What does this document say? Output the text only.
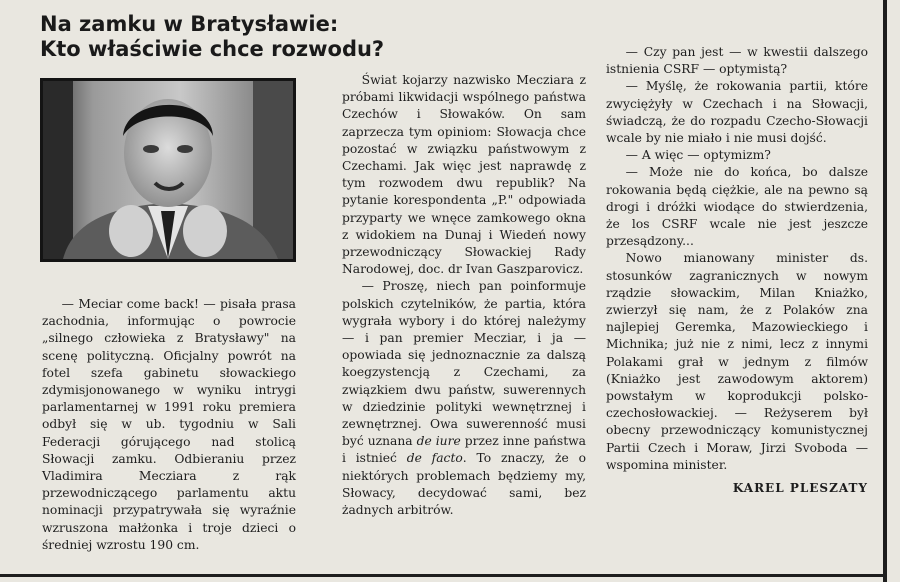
Na zamku w Bratysławie:
Kto właściwie chce rozwodu?

— Meciar come back! — pisała prasa zachodnia, informując o powrocie „silnego człowieka z Bratysławy" na scenę polityczną. Oficjalny powrót na fotel szefa gabinetu słowackiego zdymisjonowanego w wyniku intrygi parlamentarnej w 1991 roku premiera odbył się w ub. tygodniu w Sali Federacji górującego nad stolicą Słowacji zamku. Odbieraniu przez Vladimira Mecziara z rąk przewodniczącego parlamentu aktu nominacji przypatrywała się wyraźnie wzruszona małżonka i troje dzieci o średniej wzrostu 190 cm.

Świat kojarzy nazwisko Mecziara z próbami likwidacji wspólnego państwa Czechów i Słowaków. On sam zaprzecza tym opiniom: Słowacja chce pozostać w związku państwowym z Czechami. Jak więc jest naprawdę z tym rozwodem dwu republik? Na pytanie korespondenta „P." odpowiada przyparty we wnęce zamkowego okna z widokiem na Dunaj i Wiedeń nowy przewodniczący Słowackiej Rady Narodowej, doc. dr Ivan Gaszparovicz.

— Proszę, niech pan poinformuje polskich czytelników, że partia, która wygrała wybory i do której należymy — i pan premier Mecziar, i ja — opowiada się jednoznacznie za dalszą koegzystencją z Czechami, za związkiem dwu państw, suwerennych w dziedzinie polityki wewnętrznej i zewnętrznej. Owa suwerenność musi być uznana de iure przez inne państwa i istnieć de facto. To znaczy, że o niektórych problemach będziemy my, Słowacy, decydować sami, bez żadnych arbitrów.

— Czy pan jest — w kwestii dalszego istnienia CSRF — optymistą?

— Myślę, że rokowania partii, które zwyciężyły w Czechach i na Słowacji, świadczą, że do rozpadu Czecho-Słowacji wcale by nie miało i nie musi dojść.

— A więc — optymizm?

— Może nie do końca, bo dalsze rokowania będą ciężkie, ale na pewno są drogi i dróżki wiodące do stwierdzenia, że los CSRF wcale nie jest jeszcze przesądzony...

Nowo mianowany minister ds. stosunków zagranicznych w nowym rządzie słowackim, Milan Kniażko, zwierzył się nam, że z Polaków zna najlepiej Geremka, Mazowieckiego i Michnika; już nie z nimi, lecz z innymi Polakami grał w jednym z filmów (Kniażko jest zawodowym aktorem) powstałym w koprodukcji polsko-czechosłowackiej. — Reżyserem był obecny przewodniczący komunistycznej Partii Czech i Moraw, Jirzi Svoboda — wspomina minister.

KAREL PLESZATY
